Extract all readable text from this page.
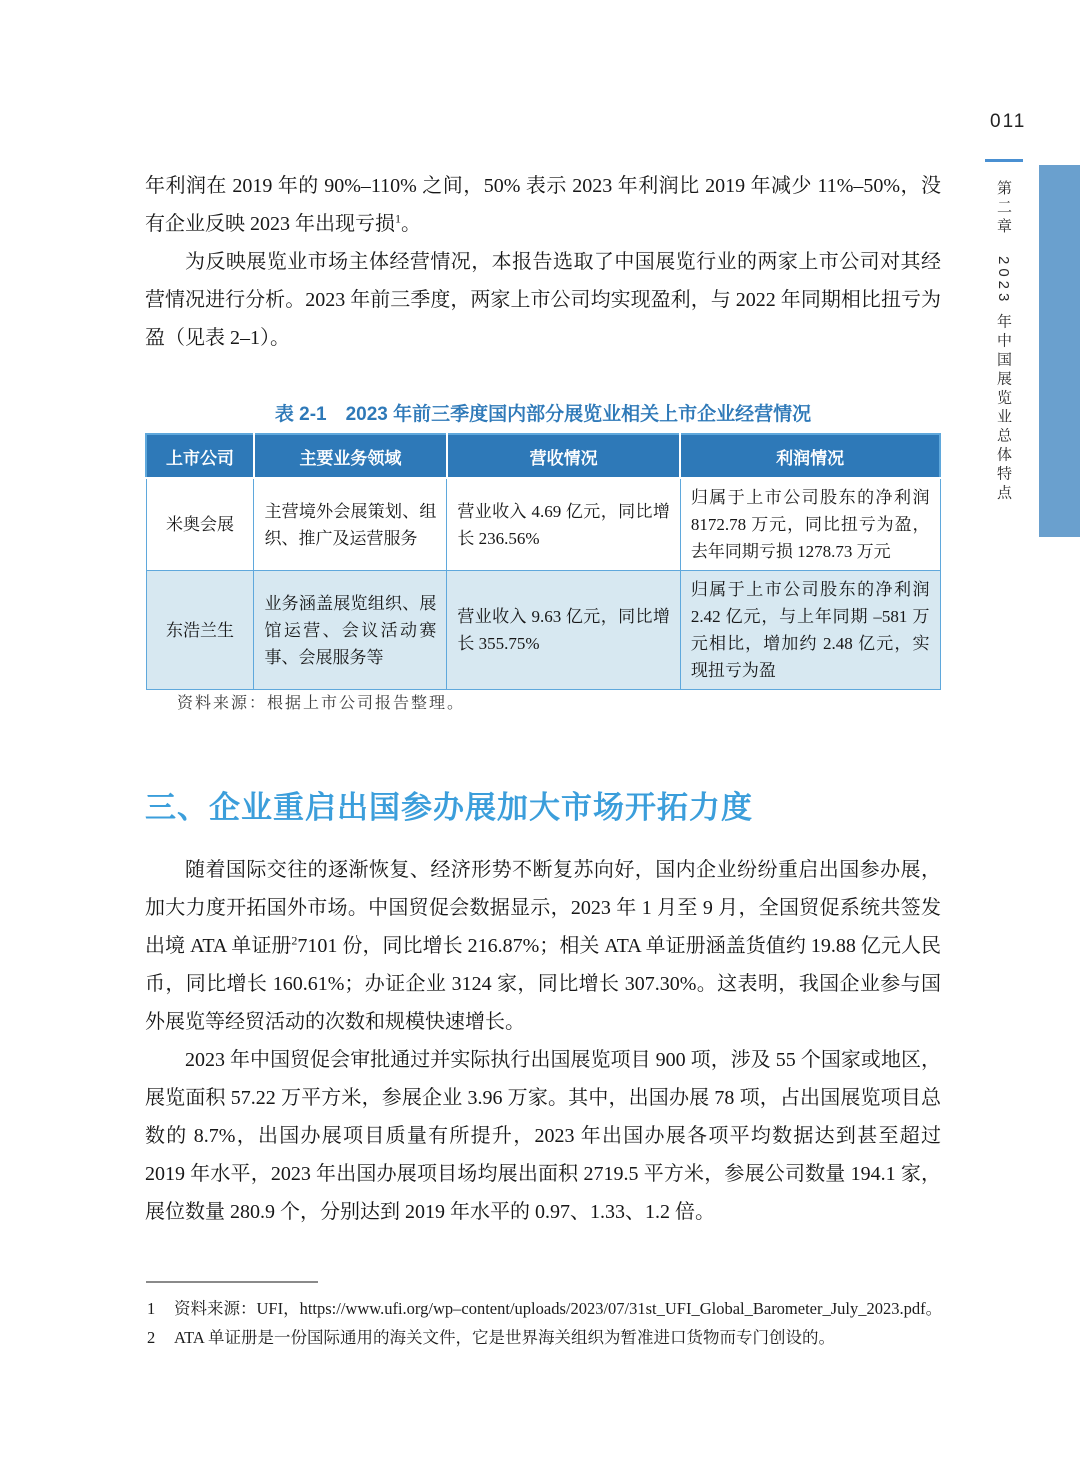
011
第二章　2023 年中国展览业总体特点

年利润在 2019 年的 90%–110% 之间，50% 表示 2023 年利润比 2019 年减少 11%–50%，没有企业反映 2023 年出现亏损$^1$。

为反映展览业市场主体经营情况，本报告选取了中国展览行业的两家上市公司对其经营情况进行分析。2023 年前三季度，两家上市公司均实现盈利，与 2022 年同期相比扭亏为盈（见表 2–1）。

表 2-1　2023 年前三季度国内部分展览业相关上市企业经营情况
上市公司	主要业务领域	营收情况	利润情况
米奥会展	主营境外会展策划、组织、推广及运营服务	营业收入 4.69 亿元，同比增长 236.56%	归属于上市公司股东的净利润 8172.78 万元，同比扭亏为盈，去年同期亏损 1278.73 万元
东浩兰生	业务涵盖展览组织、展馆运营、会议活动赛事、会展服务等	营业收入 9.63 亿元，同比增长 355.75%	归属于上市公司股东的净利润 2.42 亿元，与上年同期 –581 万元相比，增加约 2.48 亿元，实现扭亏为盈
资料来源：根据上市公司报告整理。
三、企业重启出国参办展加大市场开拓力度

随着国际交往的逐渐恢复、经济形势不断复苏向好，国内企业纷纷重启出国参办展，加大力度开拓国外市场。中国贸促会数据显示，2023 年 1 月至 9 月，全国贸促系统共签发出境 ATA 单证册$^2$7101 份，同比增长 216.87%；相关 ATA 单证册涵盖货值约 19.88 亿元人民币，同比增长 160.61%；办证企业 3124 家，同比增长 307.30%。这表明，我国企业参与国外展览等经贸活动的次数和规模快速增长。

2023 年中国贸促会审批通过并实际执行出国展览项目 900 项，涉及 55 个国家或地区，展览面积 57.22 万平方米，参展企业 3.96 万家。其中，出国办展 78 项，占出国展览项目总数的 8.7%，出国办展项目质量有所提升，2023 年出国办展各项平均数据达到甚至超过 2019 年水平，2023 年出国办展项目场均展出面积 2719.5 平方米，参展公司数量 194.1 家，展位数量 280.9 个，分别达到 2019 年水平的 0.97、1.33、1.2 倍。

1	资料来源：UFI，https://www.ufi.org/wp–content/uploads/2023/07/31st_UFI_Global_Barometer_July_2023.pdf。
2	ATA 单证册是一份国际通用的海关文件，它是世界海关组织为暂准进口货物而专门创设的。
